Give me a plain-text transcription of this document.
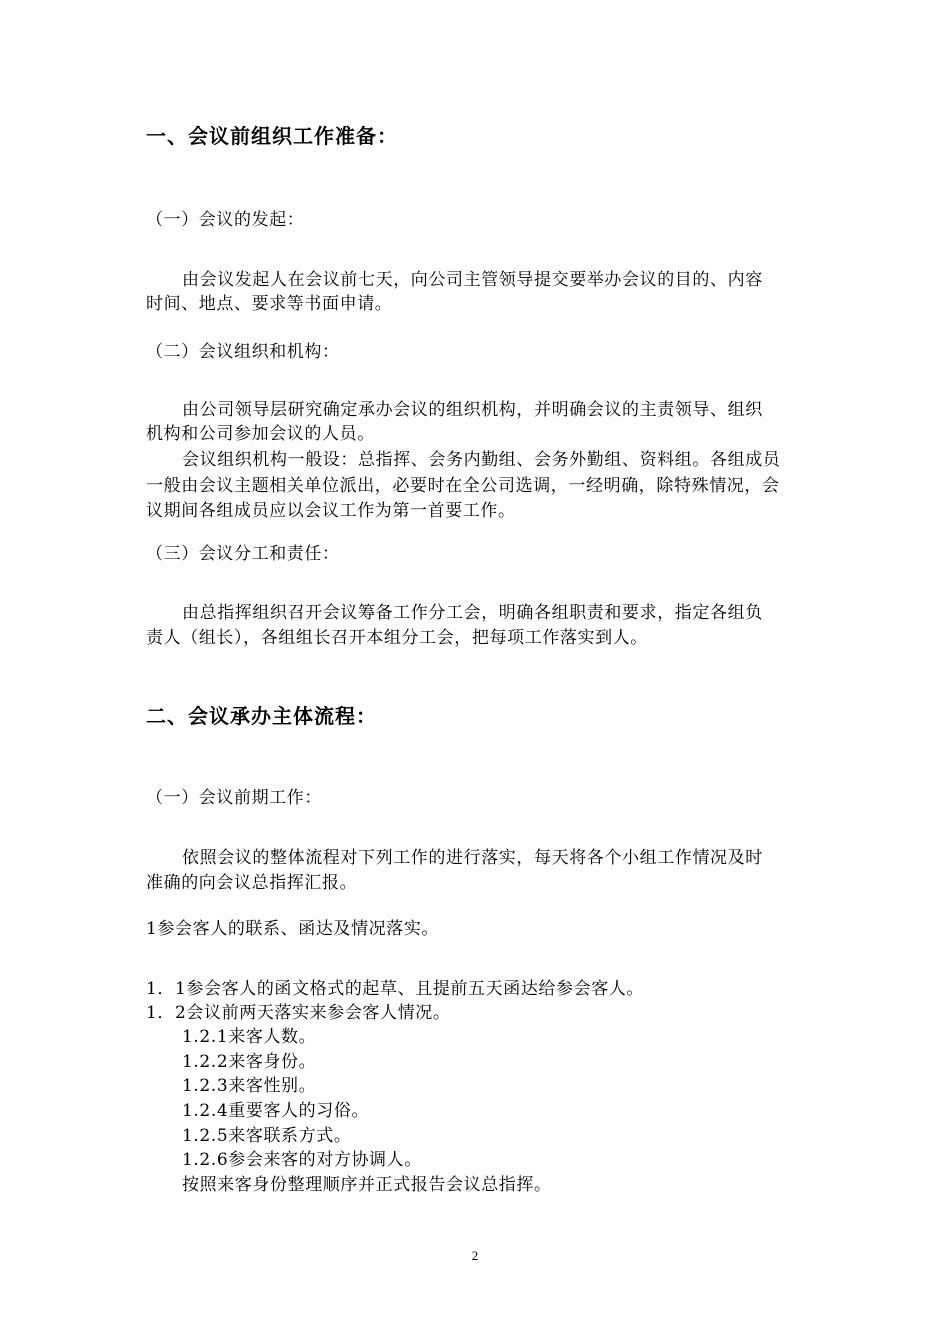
一、会议前组织工作准备：
（一）会议的发起：
由会议发起人在会议前七天，向公司主管领导提交要举办会议的目的、内容
时间、地点、要求等书面申请。
（二）会议组织和机构：
由公司领导层研究确定承办会议的组织机构，并明确会议的主责领导、组织
机构和公司参加会议的人员。
会议组织机构一般设：总指挥、会务内勤组、会务外勤组、资料组。各组成员
一般由会议主题相关单位派出，必要时在全公司选调，一经明确，除特殊情况，会
议期间各组成员应以会议工作为第一首要工作。
（三）会议分工和责任：
由总指挥组织召开会议筹备工作分工会，明确各组职责和要求，指定各组负
责人（组长），各组组长召开本组分工会，把每项工作落实到人。
二、会议承办主体流程：
（一）会议前期工作：
依照会议的整体流程对下列工作的进行落实，每天将各个小组工作情况及时
准确的向会议总指挥汇报。
1参会客人的联系、函达及情况落实。
1．1参会客人的函文格式的起草、且提前五天函达给参会客人。
1．2会议前两天落实来参会客人情况。
1.2.1来客人数。
1.2.2来客身份。
1.2.3来客性别。
1.2.4重要客人的习俗。
1.2.5来客联系方式。
1.2.6参会来客的对方协调人。
按照来客身份整理顺序并正式报告会议总指挥。
2
